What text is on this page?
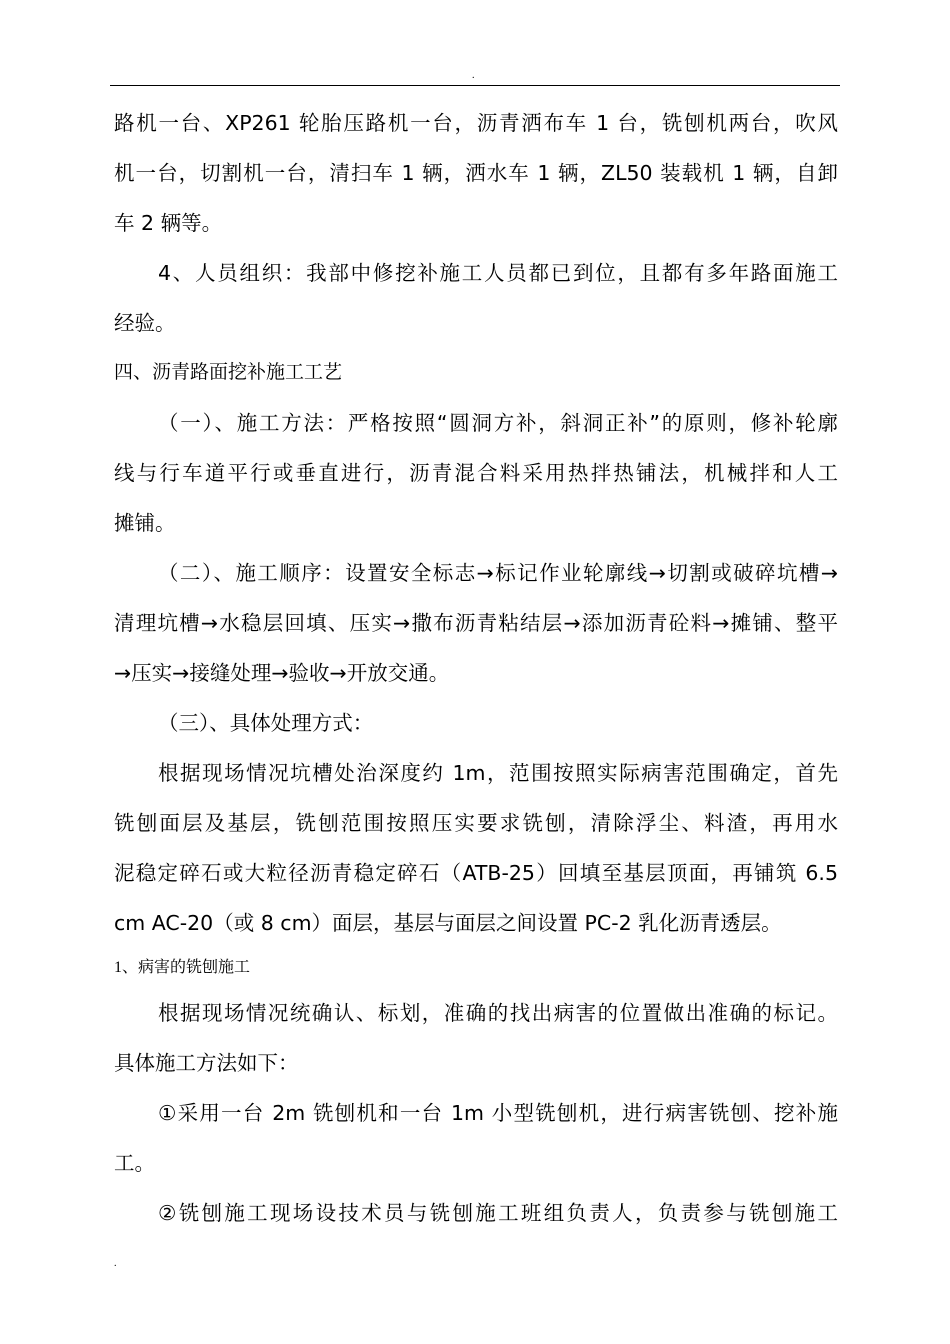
.
路机一台、XP261 轮胎压路机一台，沥青洒布车 1 台，铣刨机两台，吹风
机一台，切割机一台，清扫车 1 辆，洒水车 1 辆，ZL50 装载机 1 辆，自卸
车 2 辆等。
4、人员组织：我部中修挖补施工人员都已到位，且都有多年路面施工
经验。
四、沥青路面挖补施工工艺
（一）、施工方法：严格按照“圆洞方补，斜洞正补”的原则，修补轮廓
线与行车道平行或垂直进行，沥青混合料采用热拌热铺法，机械拌和人工
摊铺。
（二）、施工顺序：设置安全标志→标记作业轮廓线→切割或破碎坑槽→
清理坑槽→水稳层回填、压实→撒布沥青粘结层→添加沥青砼料→摊铺、整平
→压实→接缝处理→验收→开放交通。
（三）、具体处理方式：
根据现场情况坑槽处治深度约 1m，范围按照实际病害范围确定，首先
铣刨面层及基层，铣刨范围按照压实要求铣刨，清除浮尘、料渣，再用水
泥稳定碎石或大粒径沥青稳定碎石（ATB-25）回填至基层顶面，再铺筑 6.5
cm AC-20（或 8 cm）面层，基层与面层之间设置 PC-2 乳化沥青透层。
1、病害的铣刨施工
根据现场情况统确认、标划，准确的找出病害的位置做出准确的标记。
具体施工方法如下：
①采用一台 2m 铣刨机和一台 1m 小型铣刨机，进行病害铣刨、挖补施
工。
②铣刨施工现场设技术员与铣刨施工班组负责人，负责参与铣刨施工
.
